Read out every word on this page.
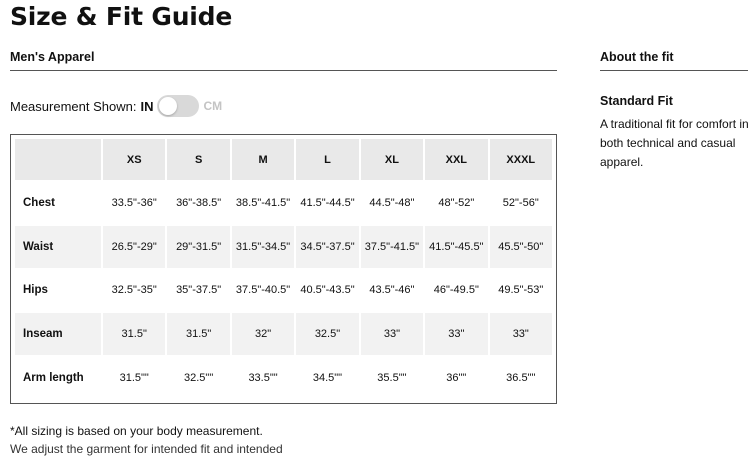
Size & Fit Guide
Men's Apparel	About the fit
Measurement Shown: IN	CM
	XS	S	M	L	XL	XXL	XXXL
Chest	33.5"-36"	36"-38.5"	38.5"-41.5"	41.5"-44.5"	44.5"-48"	48"-52"	52"-56"
Waist	26.5"-29"	29"-31.5"	31.5"-34.5"	34.5"-37.5"	37.5"-41.5"	41.5"-45.5"	45.5"-50"
Hips	32.5"-35"	35"-37.5"	37.5"-40.5"	40.5"-43.5"	43.5"-46"	46"-49.5"	49.5"-53"
Inseam	31.5"	31.5"	32"	32.5"	33"	33"	33"
Arm length	31.5""	32.5""	33.5""	34.5""	35.5""	36""	36.5""
*All sizing is based on your body measurement.
We adjust the garment for intended fit and intended
Standard Fit
A traditional fit for comfort in both technical and casual apparel.
